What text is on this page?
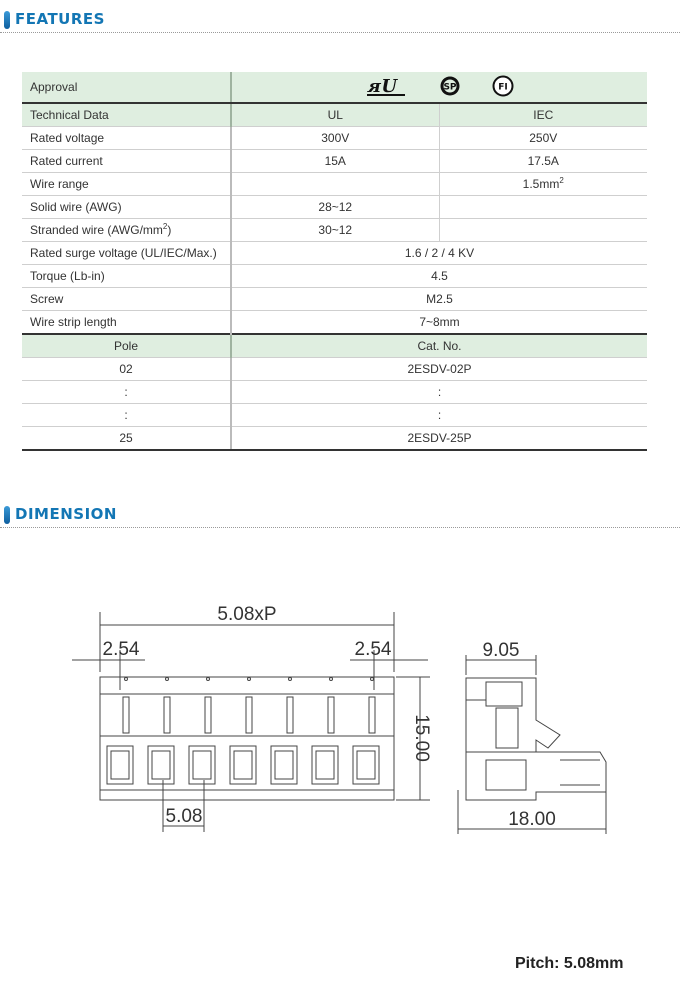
FEATURES
Approval	ᴙU
SP
FI	

Technical Data	UL	IEC
Rated voltage	300V	250V
Rated current	15A	17.5A
Wire range		$1.5mm^2$
Solid wire (AWG)	28~12	
Stranded wire $(AWG/mm^2)$	30~12	
Rated surge voltage (UL/IEC/Max.)	1.6 / 2 / 4 KV	
Torque (Lb-in)	4.5	
Screw	M2.5	
Wire strip length	7~8mm	
Pole	Cat. No.	
02	2ESDV-02P	
:	:	
:	:	
25	2ESDV-25P	
DIMENSION
5.08xP
2.54	2.54
5.08
15.00
9.05
18.00
Pitch: 5.08mm
